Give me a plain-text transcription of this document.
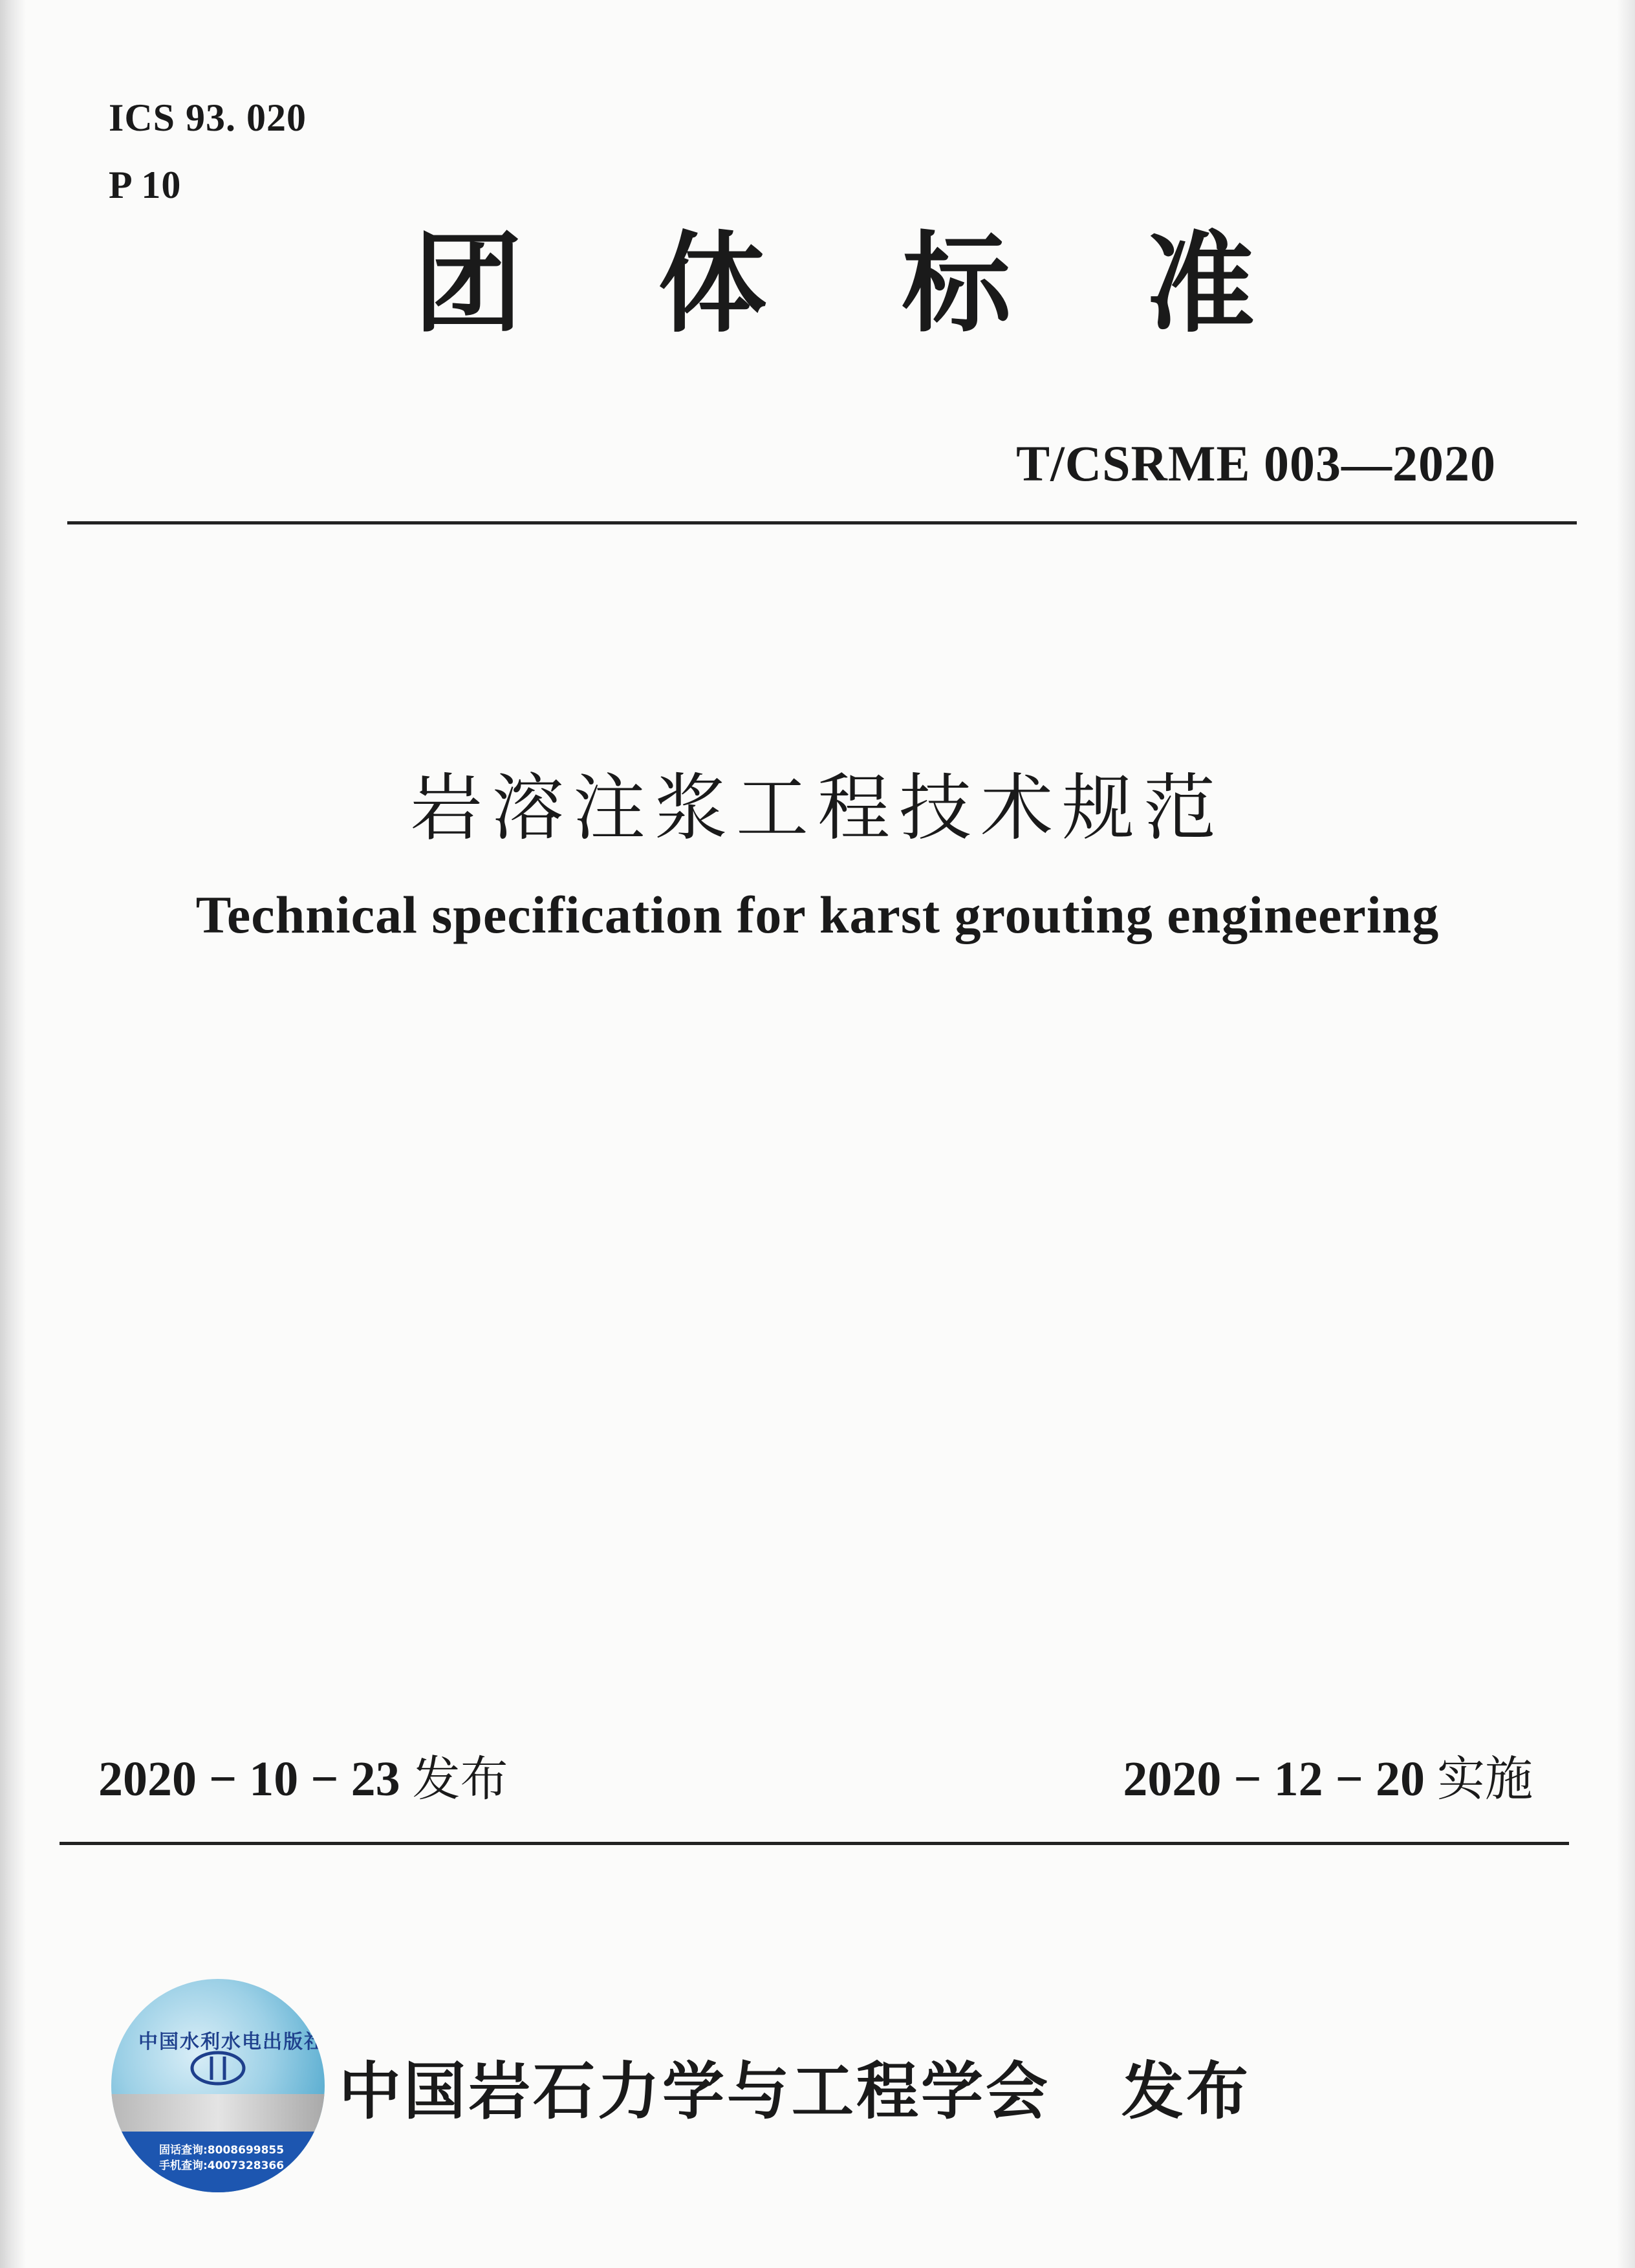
ICS 93. 020
P 10
团 体 标 准
T/CSRME 003—2020
岩溶注浆工程技术规范
Technical specification for karst grouting engineering
2020 − 10 − 23 发布	2020 − 12 − 20 实施
中国水利水电出版社
固话查询:8008699855
手机查询:4007328366
中国岩石力学与工程学会 发布
